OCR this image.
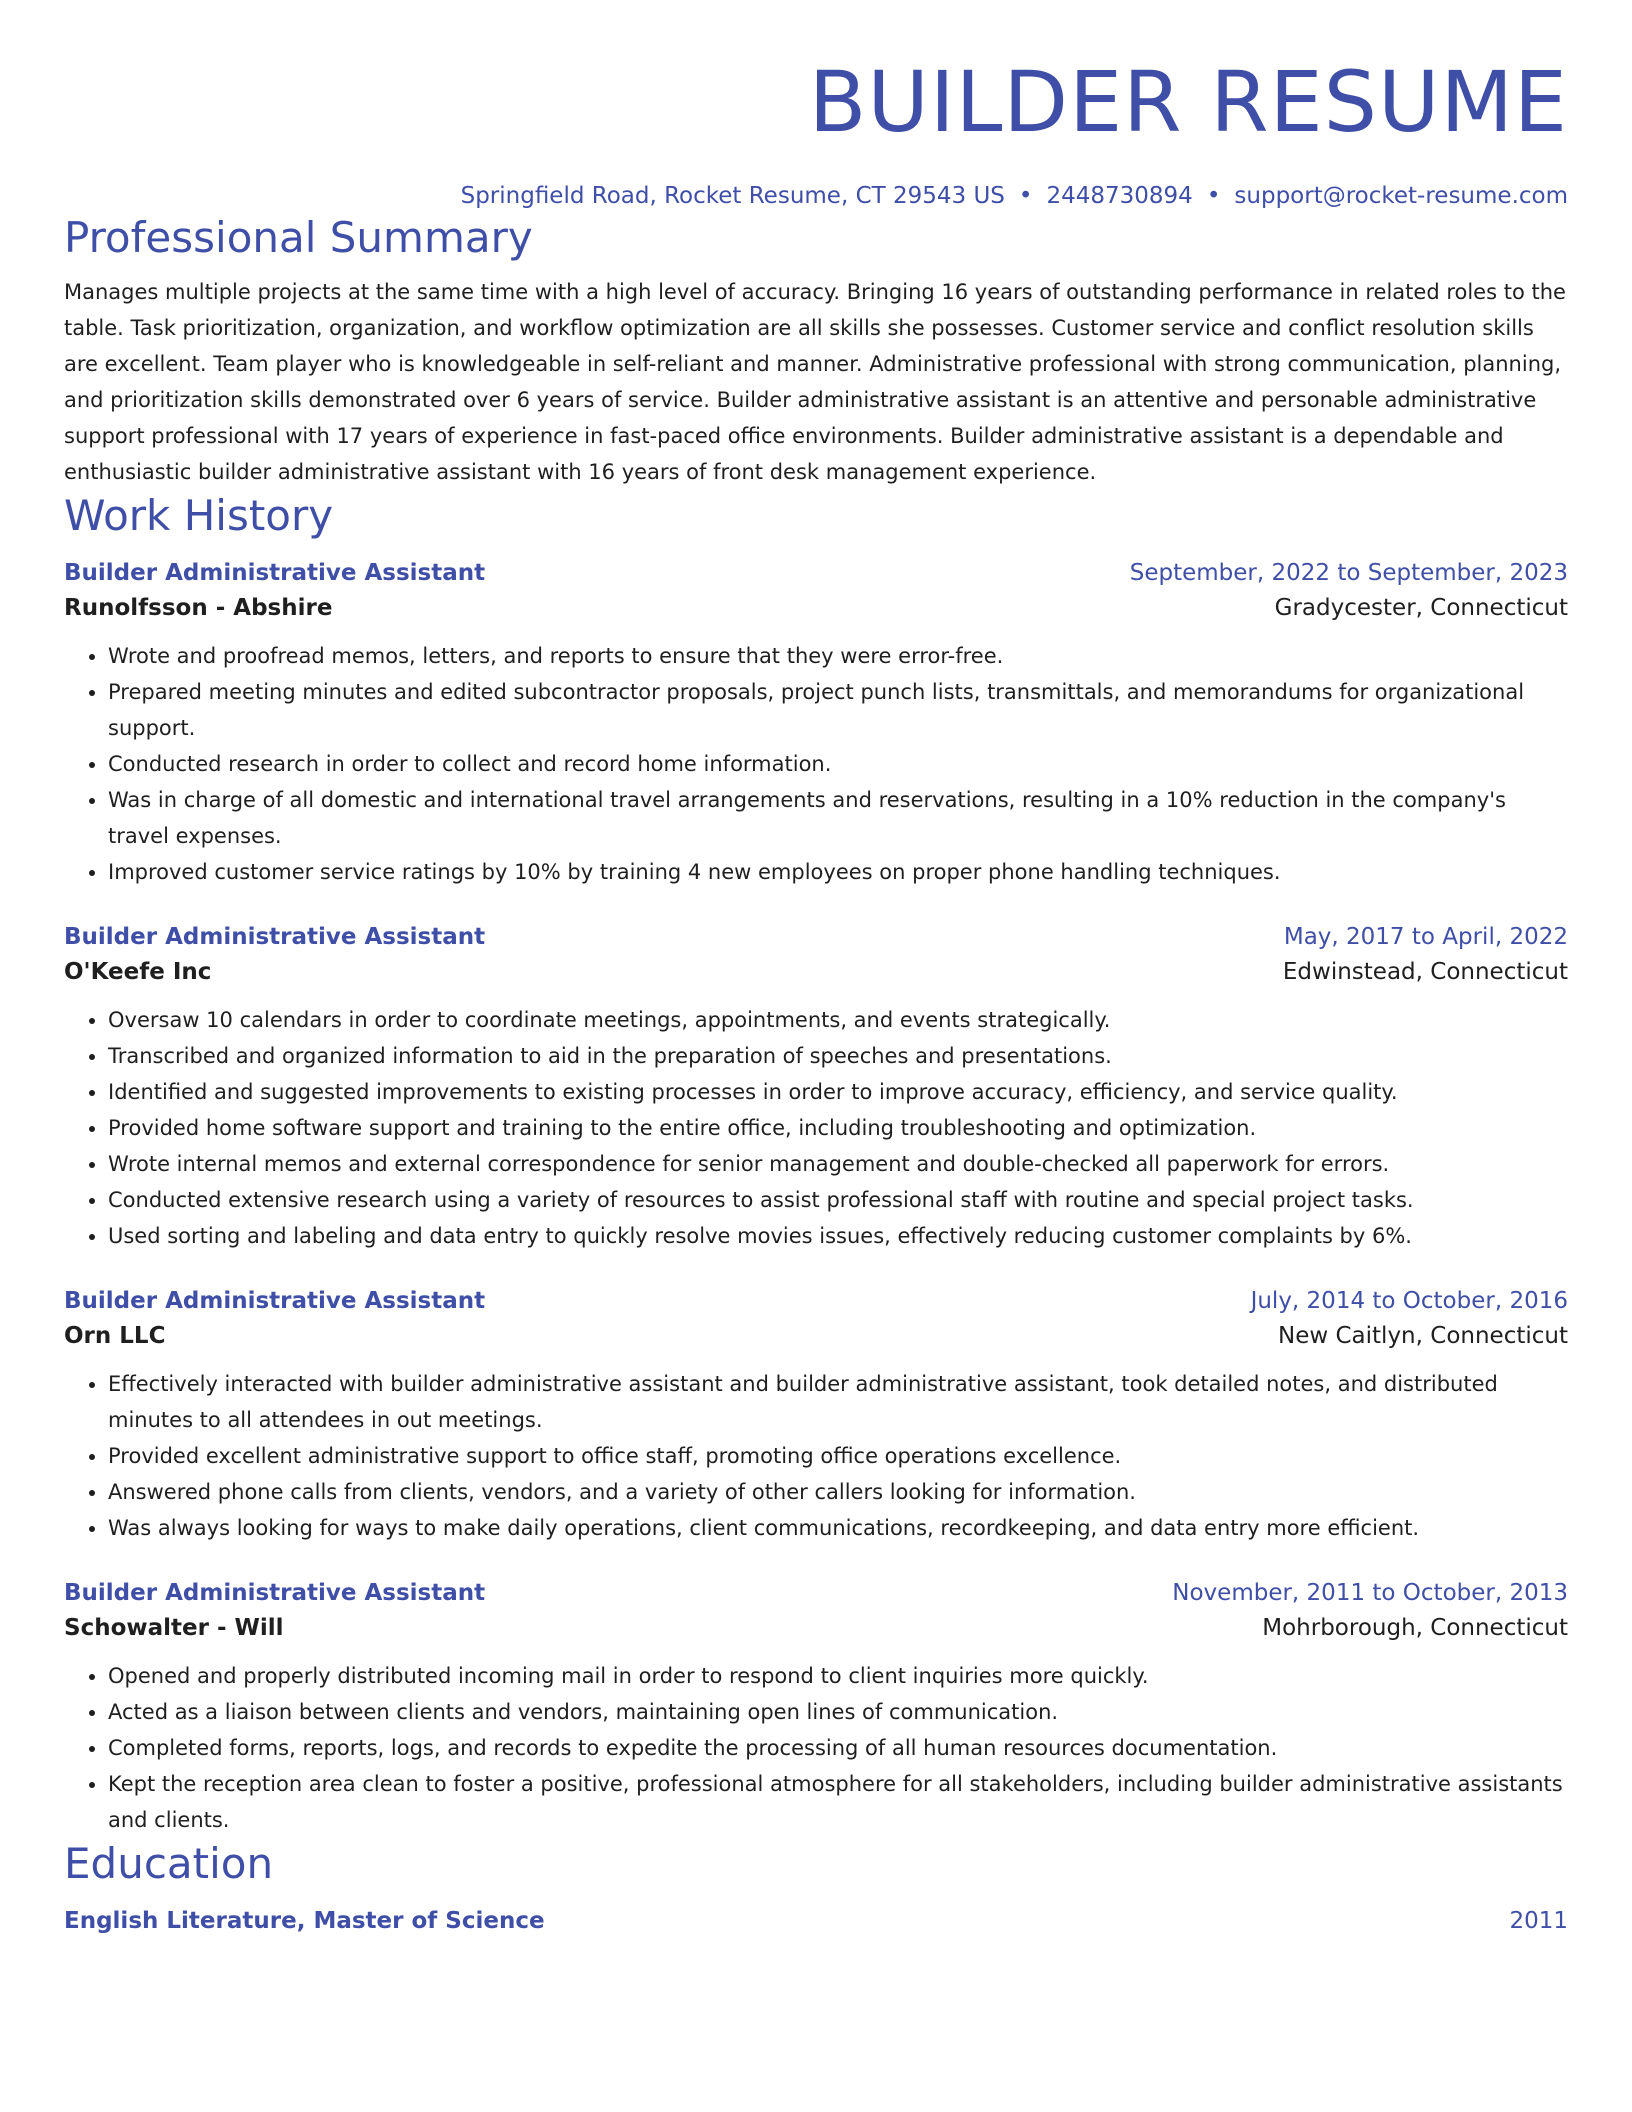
BUILDER RESUME
Springfield Road, Rocket Resume, CT 29543 US • 2448730894 • support@rocket-resume.com
Professional Summary
Manages multiple projects at the same time with a high level of accuracy. Bringing 16 years of outstanding performance in related roles to the table. Task prioritization, organization, and workflow optimization are all skills she possesses. Customer service and conflict resolution skills are excellent. Team player who is knowledgeable in self-reliant and manner. Administrative professional with strong communication, planning, and prioritization skills demonstrated over 6 years of service. Builder administrative assistant is an attentive and personable administrative support professional with 17 years of experience in fast-paced office environments. Builder administrative assistant is a dependable and enthusiastic builder administrative assistant with 16 years of front desk management experience.
Work History
Builder Administrative Assistant	September, 2022 to September, 2023
Runolfsson - Abshire	Gradycester, Connecticut
• Wrote and proofread memos, letters, and reports to ensure that they were error-free.
• Prepared meeting minutes and edited subcontractor proposals, project punch lists, transmittals, and memorandums for organizational support.
• Conducted research in order to collect and record home information.
• Was in charge of all domestic and international travel arrangements and reservations, resulting in a 10% reduction in the company's travel expenses.
• Improved customer service ratings by 10% by training 4 new employees on proper phone handling techniques.
Builder Administrative Assistant	May, 2017 to April, 2022
O'Keefe Inc	Edwinstead, Connecticut
• Oversaw 10 calendars in order to coordinate meetings, appointments, and events strategically.
• Transcribed and organized information to aid in the preparation of speeches and presentations.
• Identified and suggested improvements to existing processes in order to improve accuracy, efficiency, and service quality.
• Provided home software support and training to the entire office, including troubleshooting and optimization.
• Wrote internal memos and external correspondence for senior management and double-checked all paperwork for errors.
• Conducted extensive research using a variety of resources to assist professional staff with routine and special project tasks.
• Used sorting and labeling and data entry to quickly resolve movies issues, effectively reducing customer complaints by 6%.
Builder Administrative Assistant	July, 2014 to October, 2016
Orn LLC	New Caitlyn, Connecticut
• Effectively interacted with builder administrative assistant and builder administrative assistant, took detailed notes, and distributed minutes to all attendees in out meetings.
• Provided excellent administrative support to office staff, promoting office operations excellence.
• Answered phone calls from clients, vendors, and a variety of other callers looking for information.
• Was always looking for ways to make daily operations, client communications, recordkeeping, and data entry more efficient.
Builder Administrative Assistant	November, 2011 to October, 2013
Schowalter - Will	Mohrborough, Connecticut
• Opened and properly distributed incoming mail in order to respond to client inquiries more quickly.
• Acted as a liaison between clients and vendors, maintaining open lines of communication.
• Completed forms, reports, logs, and records to expedite the processing of all human resources documentation.
• Kept the reception area clean to foster a positive, professional atmosphere for all stakeholders, including builder administrative assistants and clients.
Education
English Literature, Master of Science	2011
